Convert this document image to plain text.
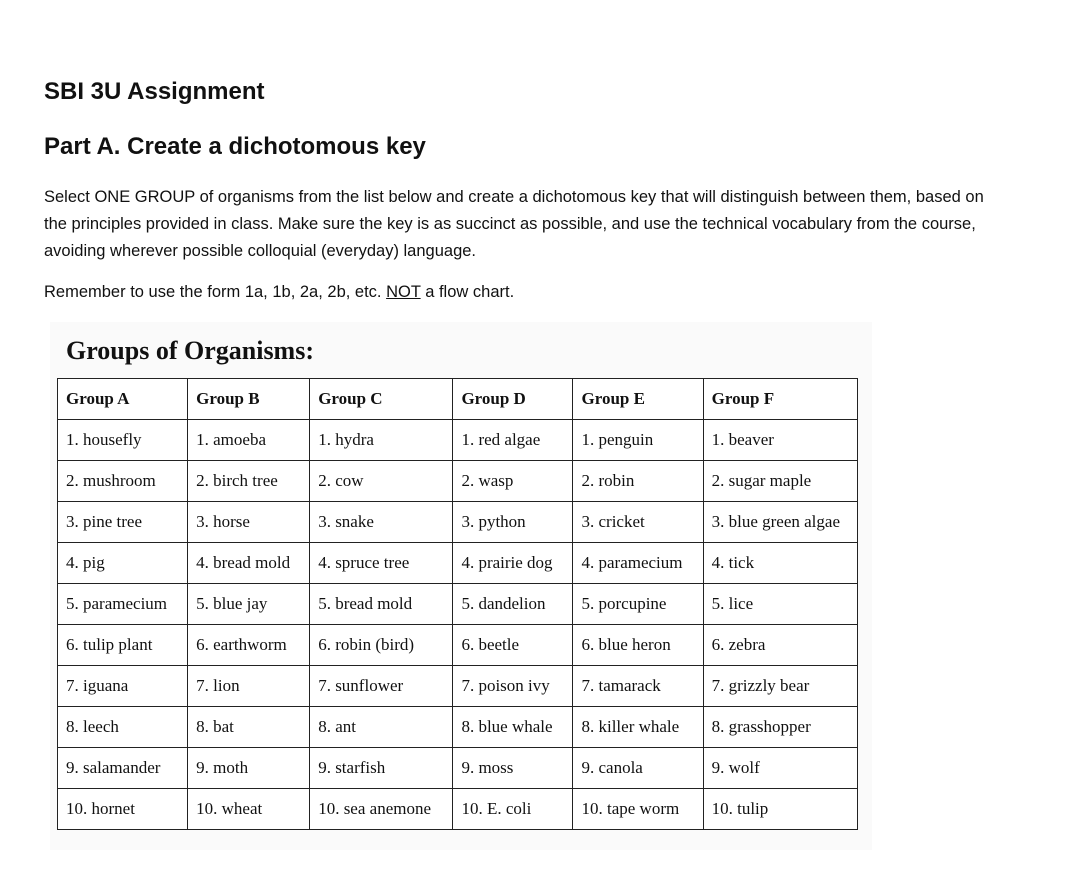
SBI 3U Assignment
Part A. Create a dichotomous key

Select ONE GROUP of organisms from the list below and create a dichotomous key that will distinguish between them, based on the principles provided in class. Make sure the key is as succinct as possible, and use the technical vocabulary from the course, avoiding wherever possible colloquial (everyday) language.

Remember to use the form 1a, 1b, 2a, 2b, etc. NOT a flow chart.

Groups of Organisms:
Group A	Group B	Group C	Group D	Group E	Group F
1. housefly	1. amoeba	1. hydra	1. red algae	1. penguin	1. beaver
2. mushroom	2. birch tree	2. cow	2. wasp	2. robin	2. sugar maple
3. pine tree	3. horse	3. snake	3. python	3. cricket	3. blue green algae
4. pig	4. bread mold	4. spruce tree	4. prairie dog	4. paramecium	4. tick
5. paramecium	5. blue jay	5. bread mold	5. dandelion	5. porcupine	5. lice
6. tulip plant	6. earthworm	6. robin (bird)	6. beetle	6. blue heron	6. zebra
7. iguana	7. lion	7. sunflower	7. poison ivy	7. tamarack	7. grizzly bear
8. leech	8. bat	8. ant	8. blue whale	8. killer whale	8. grasshopper
9. salamander	9. moth	9. starfish	9. moss	9. canola	9. wolf
10. hornet	10. wheat	10. sea anemone	10. E. coli	10. tape worm	10. tulip
